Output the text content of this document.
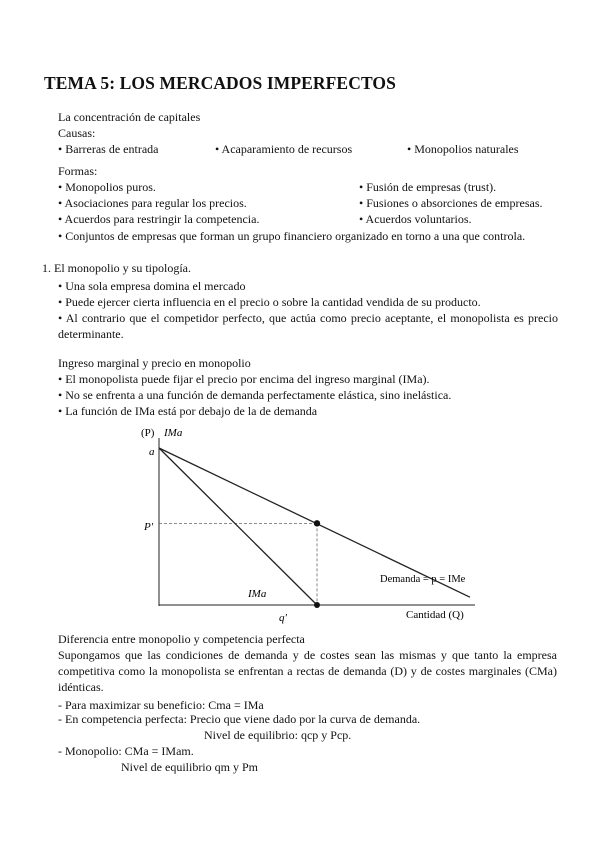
TEMA 5: LOS MERCADOS IMPERFECTOS
La concentración de capitales
Causas:
• Barreras de entrada	• Acaparamiento de recursos	• Monopolios naturales
Formas:
• Monopolios puros.
• Asociaciones para regular los precios.
• Acuerdos para restringir la competencia.
• Fusión de empresas (trust).
• Fusiones o absorciones de empresas.
• Acuerdos voluntarios.
• Conjuntos de empresas que forman un grupo financiero organizado en torno a una que controla.
1. El monopolio y su tipología.
• Una sola empresa domina el mercado
• Puede ejercer cierta influencia en el precio o sobre la cantidad vendida de su producto.
• Al contrario que el competidor perfecto, que actúa como precio aceptante, el monopolista es precio determinante.
Ingreso marginal y precio en monopolio
• El monopolista puede fijar el precio por encima del ingreso marginal (IMa).
• No se enfrenta a una función de demanda perfectamente elástica, sino inelástica.
• La función de IMa está por debajo de la de demanda
(P) IMa
a
P'
q'
IMa
Demanda = p = IMe
Cantidad (Q)
Diferencia entre monopolio y competencia perfecta
Supongamos que las condiciones de demanda y de costes sean las mismas y que tanto la empresa competitiva como la monopolista se enfrentan a rectas de demanda (D) y de costes marginales (CMa) idénticas.
- Para maximizar su beneficio: Cma = IMa
- En competencia perfecta: Precio que viene dado por la curva de demanda.
Nivel de equilibrio: qcp y Pcp.
- Monopolio: CMa = IMam.
Nivel de equilibrio qm y Pm
